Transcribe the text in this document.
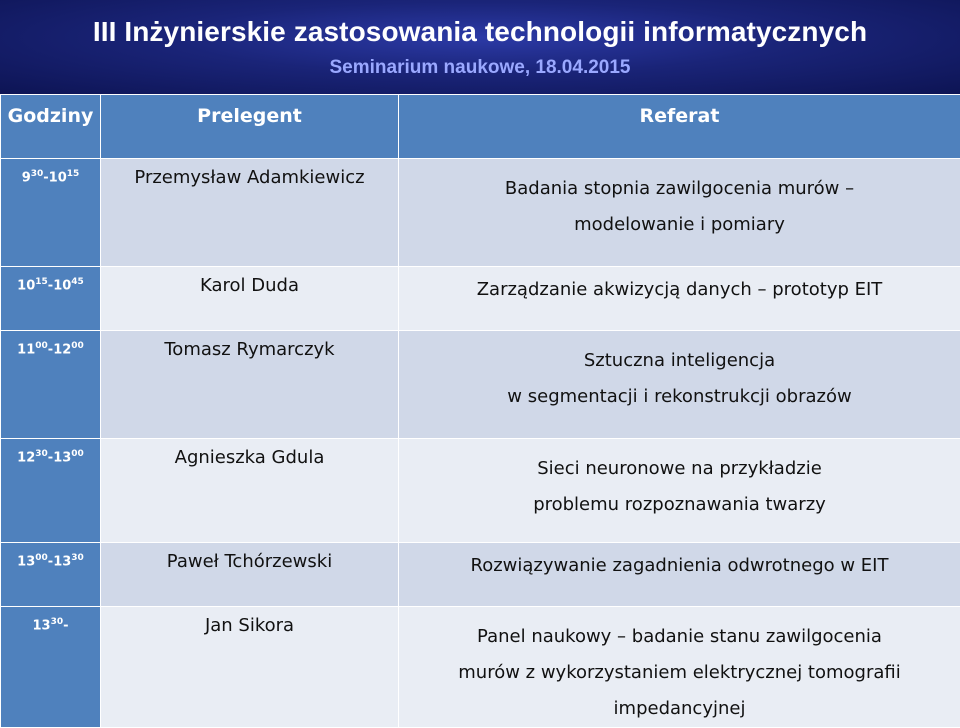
III Inżynierskie zastosowania technologii informatycznych
Seminarium naukowe, 18.04.2015
Godziny	Prelegent	Referat
$9^{30}-10^{15}$	Przemysław Adamkiewicz	Badania stopnia zawilgocenia murów –
modelowanie i pomiary

$10^{15}-10^{45}$	Karol Duda	Zarządzanie akwizycją danych – prototyp EIT

$11^{00}-12^{00}$	Tomasz Rymarczyk	Sztuczna inteligencja
w segmentacji i rekonstrukcji obrazów

$12^{30}-13^{00}$	Agnieszka Gdula	Sieci neuronowe na przykładzie
problemu rozpoznawania twarzy

$13^{00}-13^{30}$	Paweł Tchórzewski	Rozwiązywanie zagadnienia odwrotnego w EIT

$13^{30}-$	Jan Sikora	Panel naukowy – badanie stanu zawilgocenia
murów z wykorzystaniem elektrycznej tomografii
impedancyjnej
